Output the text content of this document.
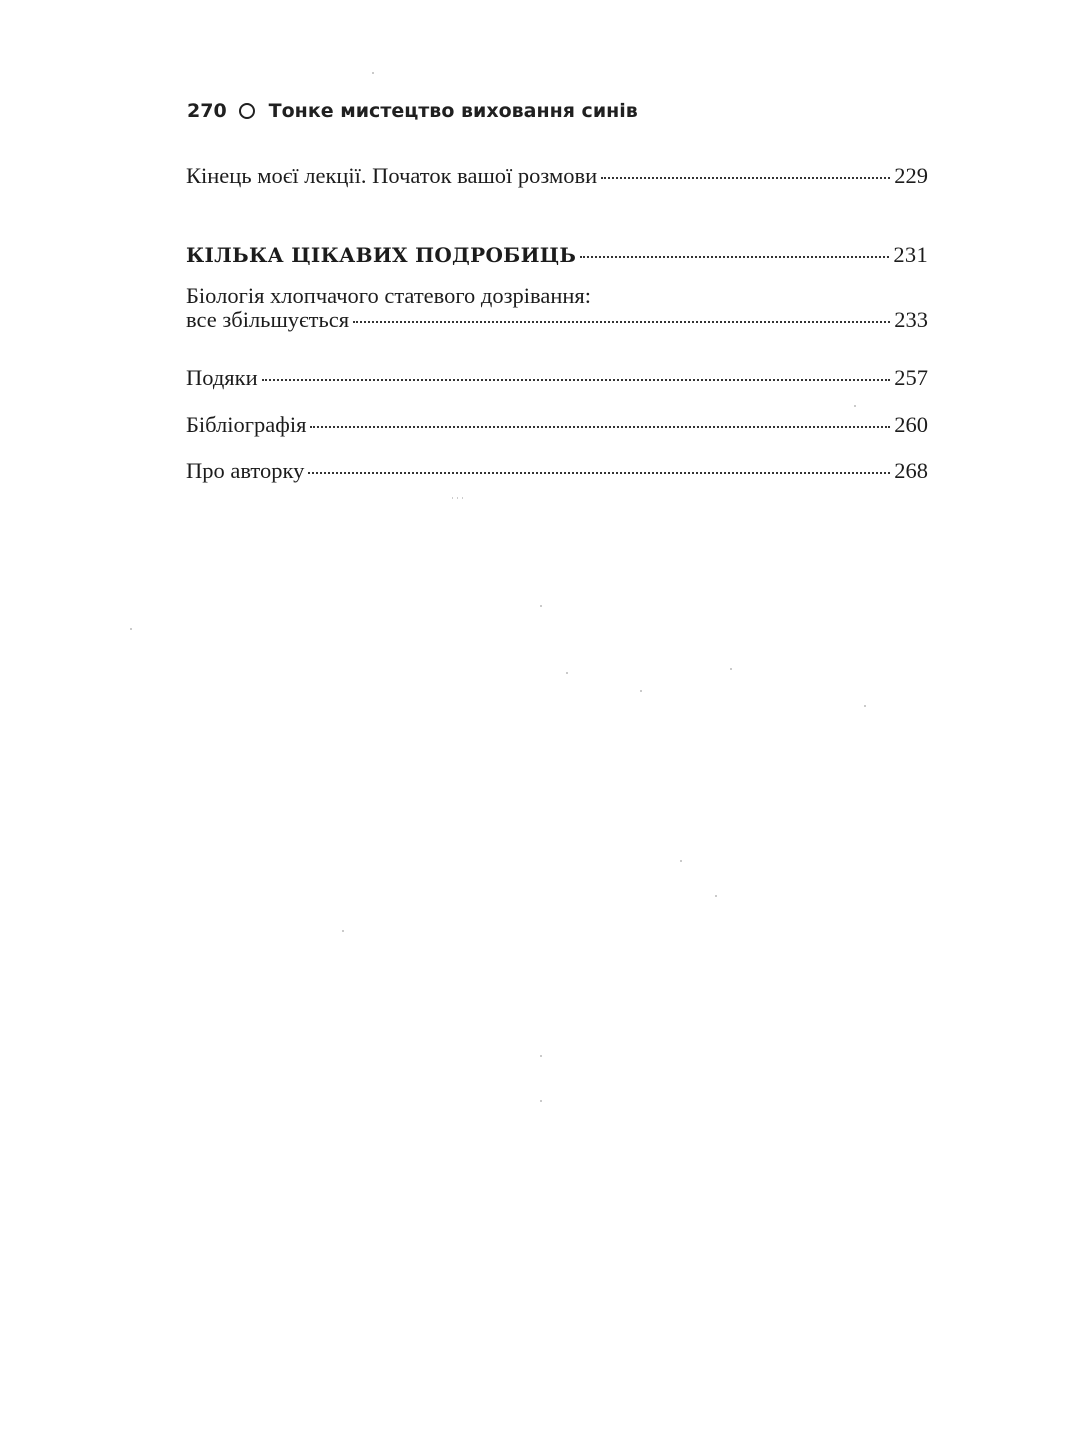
270 Тонке мистецтво виховання синів
Кінець моєї лекції. Початок вашої розмови	229
КІЛЬКА ЦІКАВИХ ПОДРОБИЦЬ	231
Біологія хлопчачого статевого дозрівання:
все збільшується	233
Подяки	257
Бібліографія	260
Про авторку	268
˙˙˙
